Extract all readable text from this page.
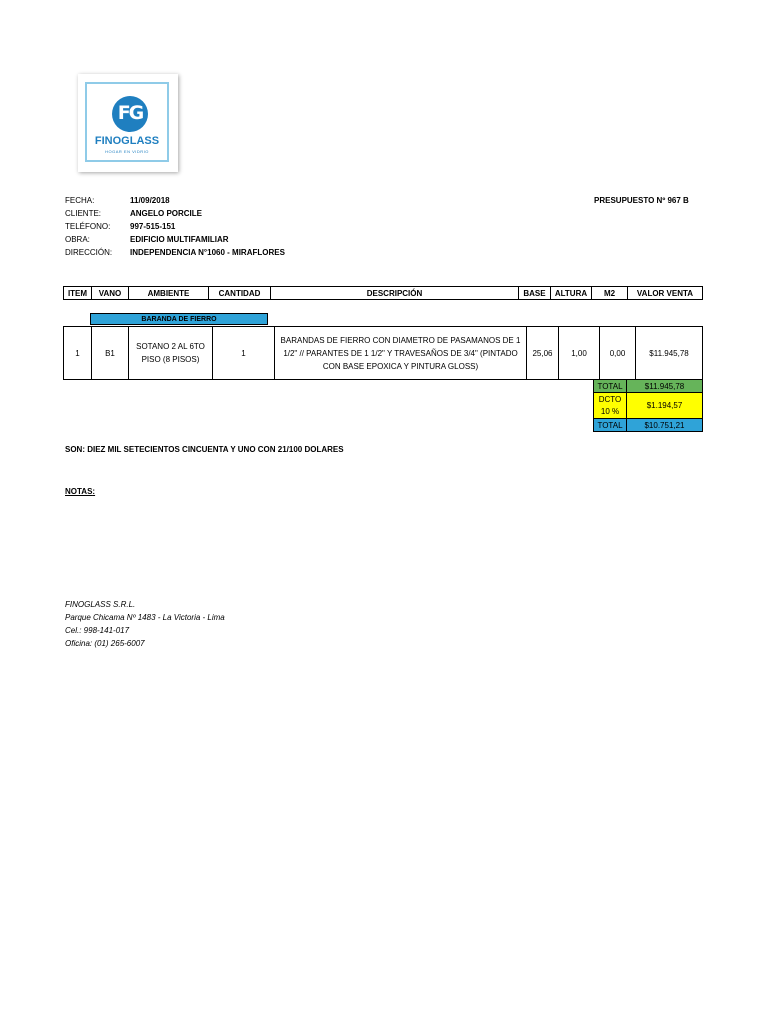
FG
FINOGLASS
HOGAR EN VIDRIO
FECHA:	11/09/2018
CLIENTE:	ANGELO PORCILE
TELÉFONO: 997-515-151
OBRA:	EDIFICIO MULTIFAMILIAR
DIRECCIÓN: INDEPENDENCIA N°1060 - MIRAFLORES
PRESUPUESTO Nº 967 B
ITEM	VANO	AMBIENTE	CANTIDAD	DESCRIPCIÓN	BASE	ALTURA	M2	VALOR VENTA
BARANDA DE FIERRO
1	B1	SOTANO 2 AL 6TO PISO (8 PISOS)	1	BARANDAS DE FIERRO CON DIAMETRO DE PASAMANOS DE 1 1/2" // PARANTES DE 1 1/2" Y TRAVESAÑOS DE 3/4" (PINTADO CON BASE EPOXICA Y PINTURA GLOSS)	25,06	1,00	0,00	$11.945,78
TOTAL	$11.945,78
DCTO 10 %	$1.194,57
TOTAL	$10.751,21
SON: DIEZ MIL SETECIENTOS CINCUENTA Y UNO CON 21/100 DOLARES
NOTAS:
FINOGLASS S.R.L.
Parque Chicama Nº 1483 - La Victoria - Lima
Cel.: 998-141-017
Oficina: (01) 265-6007
